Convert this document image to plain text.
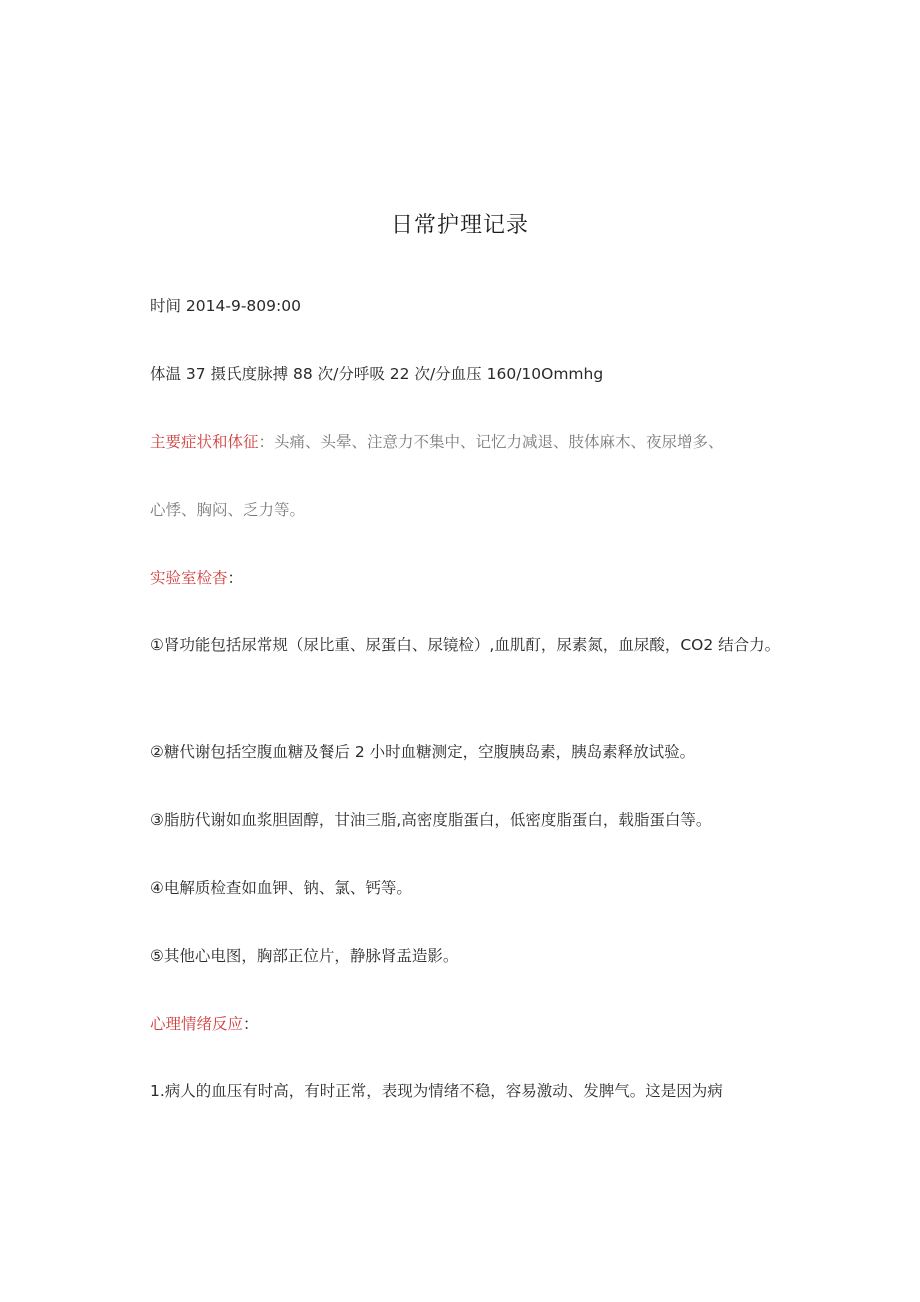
日常护理记录
时间 2014-9-809:00
体温 37 摄氏度脉搏 88 次/分呼吸 22 次/分血压 160/10Ommhg
主要症状和体征：头痛、头晕、注意力不集中、记忆力减退、肢体麻木、夜尿增多、
心悸、胸闷、乏力等。
实验室检杳：
①肾功能包括尿常规（尿比重、尿蛋白、尿镜检）,血肌酊，尿素氮，血尿酸，CO2 结合力。
②糖代谢包括空腹血糖及餐后 2 小时血糖测定，空腹胰岛素，胰岛素释放试验。
③脂肪代谢如血浆胆固醇，甘油三脂,高密度脂蛋白，低密度脂蛋白，载脂蛋白等。
④电解质检查如血钾、钠、氯、钙等。
⑤其他心电图，胸部正位片，静脉肾盂造影。
心理情绪反应：
1.病人的血压有时高，有时正常，表现为情绪不稳，容易激动、发脾气。这是因为病
